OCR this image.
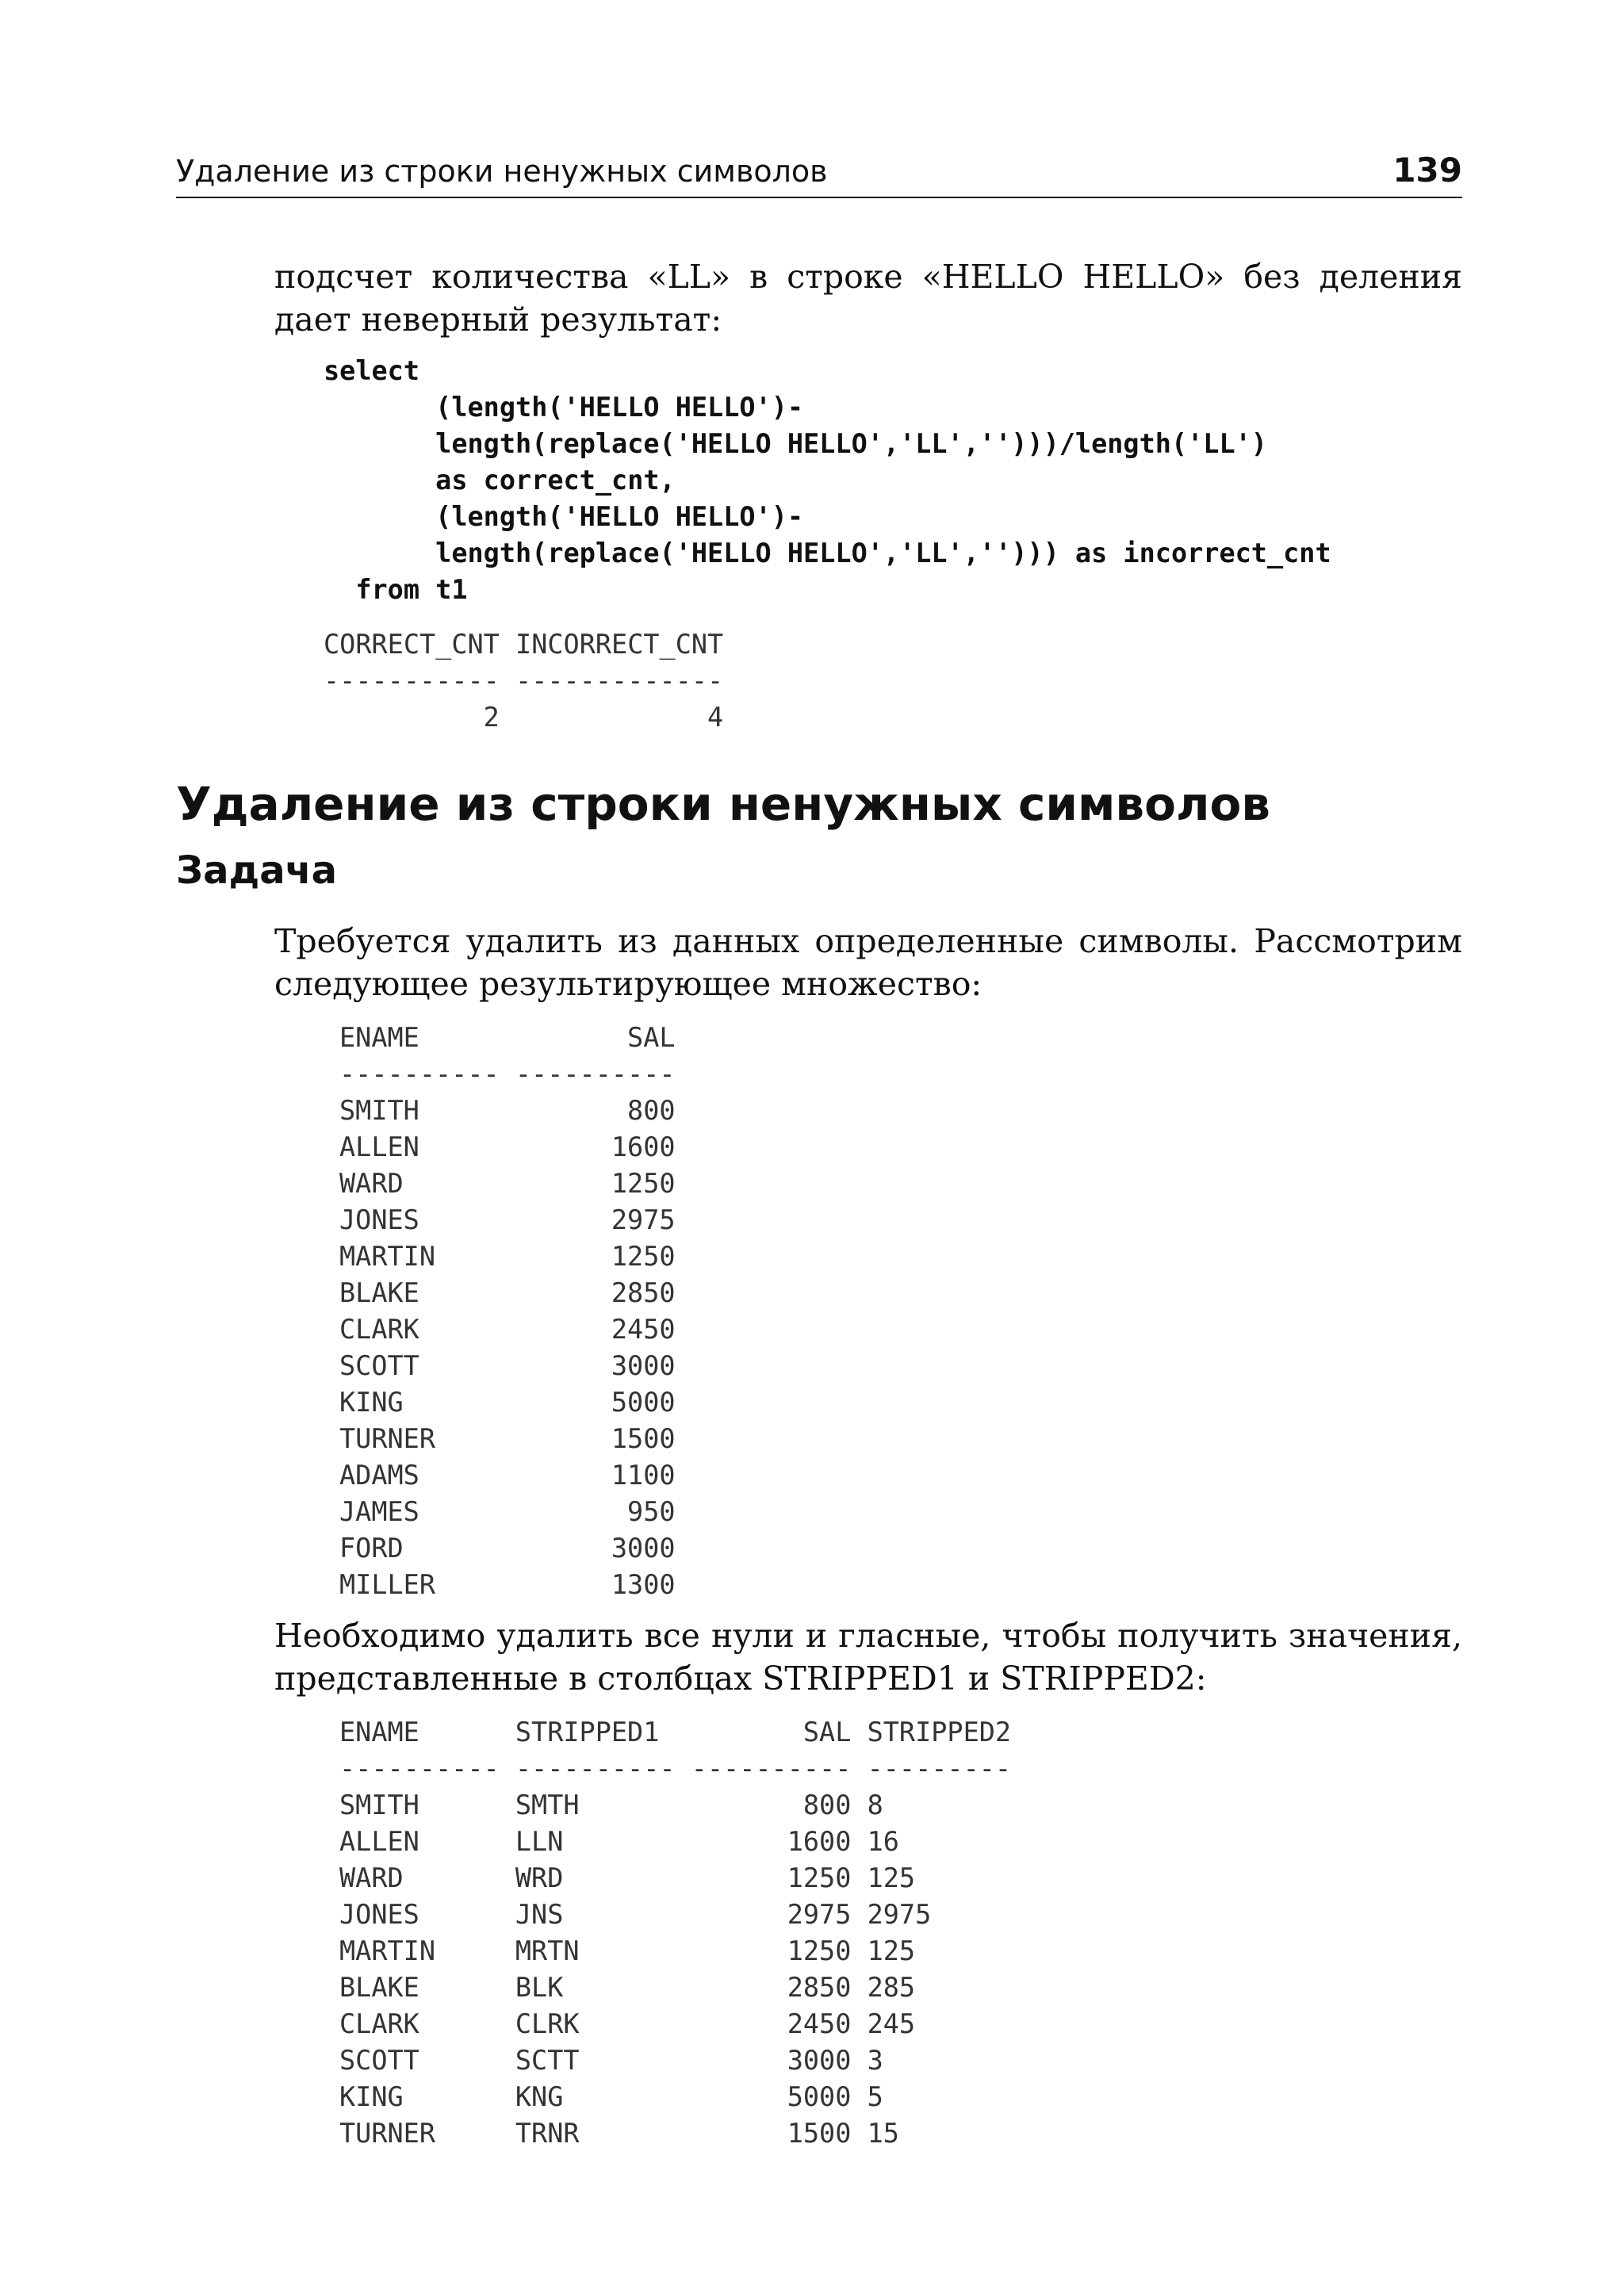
Удаление из строки ненужных символов	139

подсчет количества «LL» в строке «HELLO HELLO» без деления дает неверный результат:

select
(length('HELLO HELLO')-
length(replace('HELLO HELLO','LL','')))/length('LL')
as correct_cnt,
(length('HELLO HELLO')-
length(replace('HELLO HELLO','LL',''))) as incorrect_cnt
from t1
CORRECT_CNT INCORRECT_CNT
----------- -------------
2             4
Удаление из строки ненужных символов
Задача

Требуется удалить из данных определенные символы. Рассмотрим следующее результирующее множество:

ENAME             SAL
---------- ----------
SMITH             800
ALLEN            1600
WARD             1250
JONES            2975
MARTIN           1250
BLAKE            2850
CLARK            2450
SCOTT            3000
KING             5000
TURNER           1500
ADAMS            1100
JAMES             950
FORD             3000
MILLER           1300

Необходимо удалить все нули и гласные, чтобы получить значения, представленные в столбцах STRIPPED1 и STRIPPED2:

ENAME      STRIPPED1         SAL STRIPPED2
---------- ---------- ---------- ---------
SMITH      SMTH              800 8
ALLEN      LLN              1600 16
WARD       WRD              1250 125
JONES      JNS              2975 2975
MARTIN     MRTN             1250 125
BLAKE      BLK              2850 285
CLARK      CLRK             2450 245
SCOTT      SCTT             3000 3
KING       KNG              5000 5
TURNER     TRNR             1500 15
